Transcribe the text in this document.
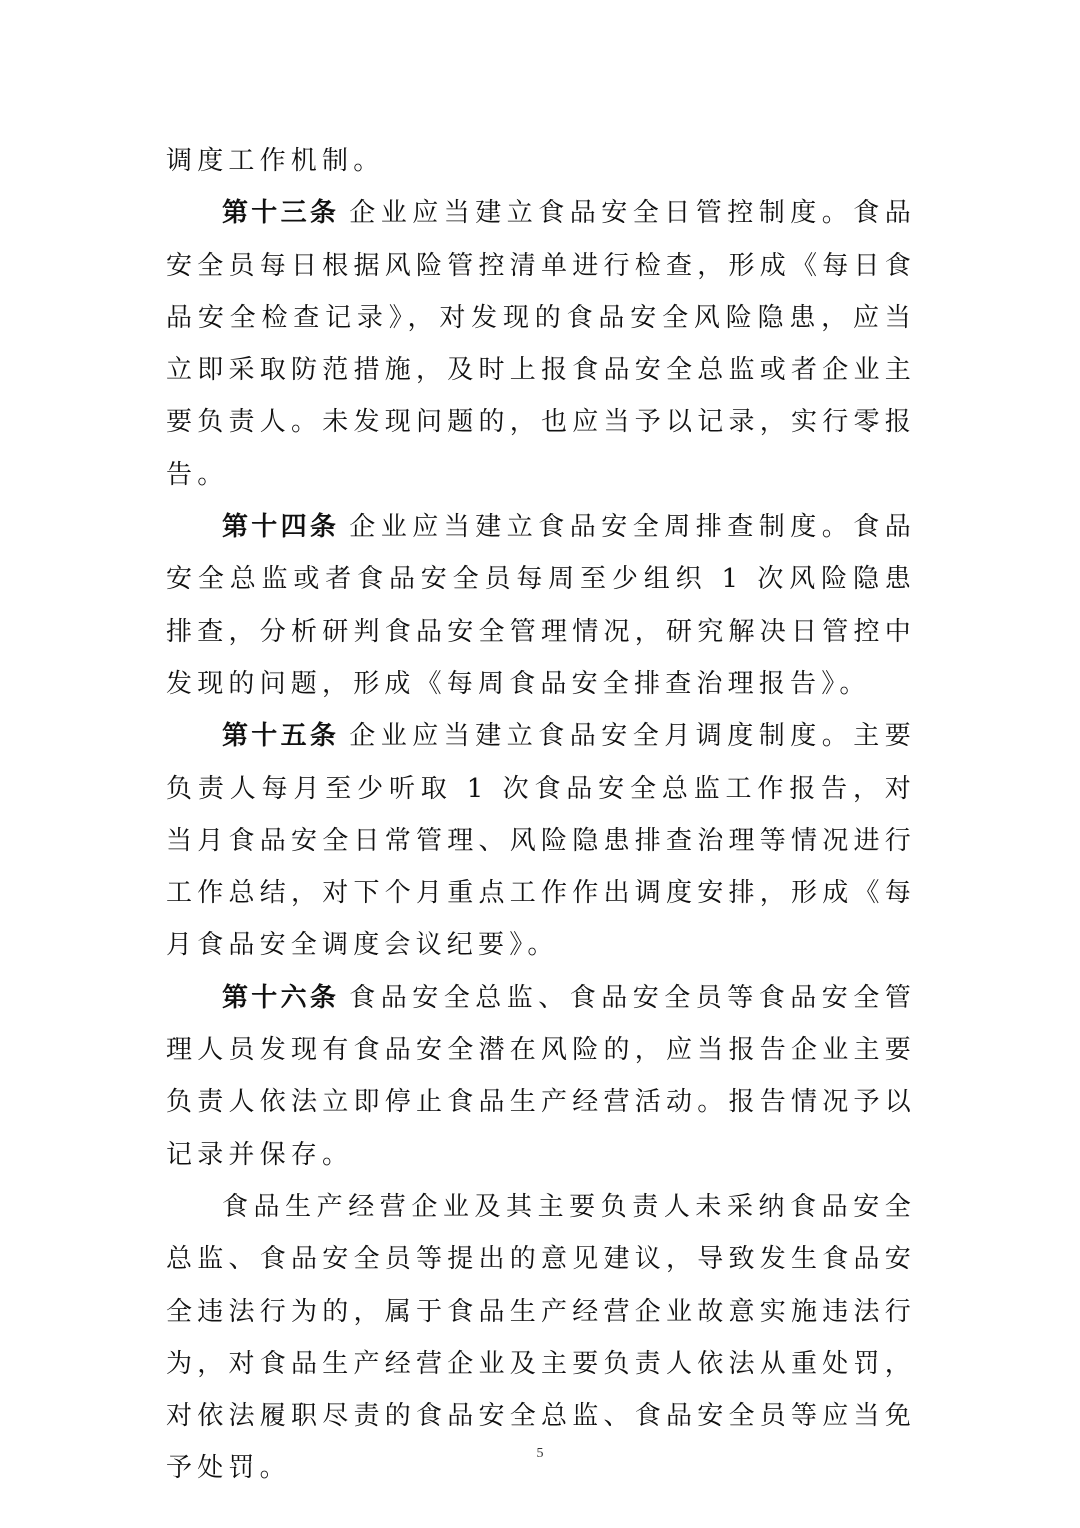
调度工作机制。

第十三条 企业应当建立食品安全日管控制度。食品安全员每日根据风险管控清单进行检查，形成《每日食品安全检查记录》，对发现的食品安全风险隐患，应当立即采取防范措施，及时上报食品安全总监或者企业主要负责人。未发现问题的，也应当予以记录，实行零报告。

第十四条 企业应当建立食品安全周排查制度。食品安全总监或者食品安全员每周至少组织 1 次风险隐患排查，分析研判食品安全管理情况，研究解决日管控中发现的问题，形成《每周食品安全排查治理报告》。

第十五条 企业应当建立食品安全月调度制度。主要负责人每月至少听取 1 次食品安全总监工作报告，对当月食品安全日常管理、风险隐患排查治理等情况进行工作总结，对下个月重点工作作出调度安排，形成《每月食品安全调度会议纪要》。

第十六条 食品安全总监、食品安全员等食品安全管理人员发现有食品安全潜在风险的，应当报告企业主要负责人依法立即停止食品生产经营活动。报告情况予以记录并保存。

食品生产经营企业及其主要负责人未采纳食品安全总监、食品安全员等提出的意见建议，导致发生食品安全违法行为的，属于食品生产经营企业故意实施违法行为，对食品生产经营企业及主要负责人依法从重处罚，对依法履职尽责的食品安全总监、食品安全员等应当免予处罚。	5
